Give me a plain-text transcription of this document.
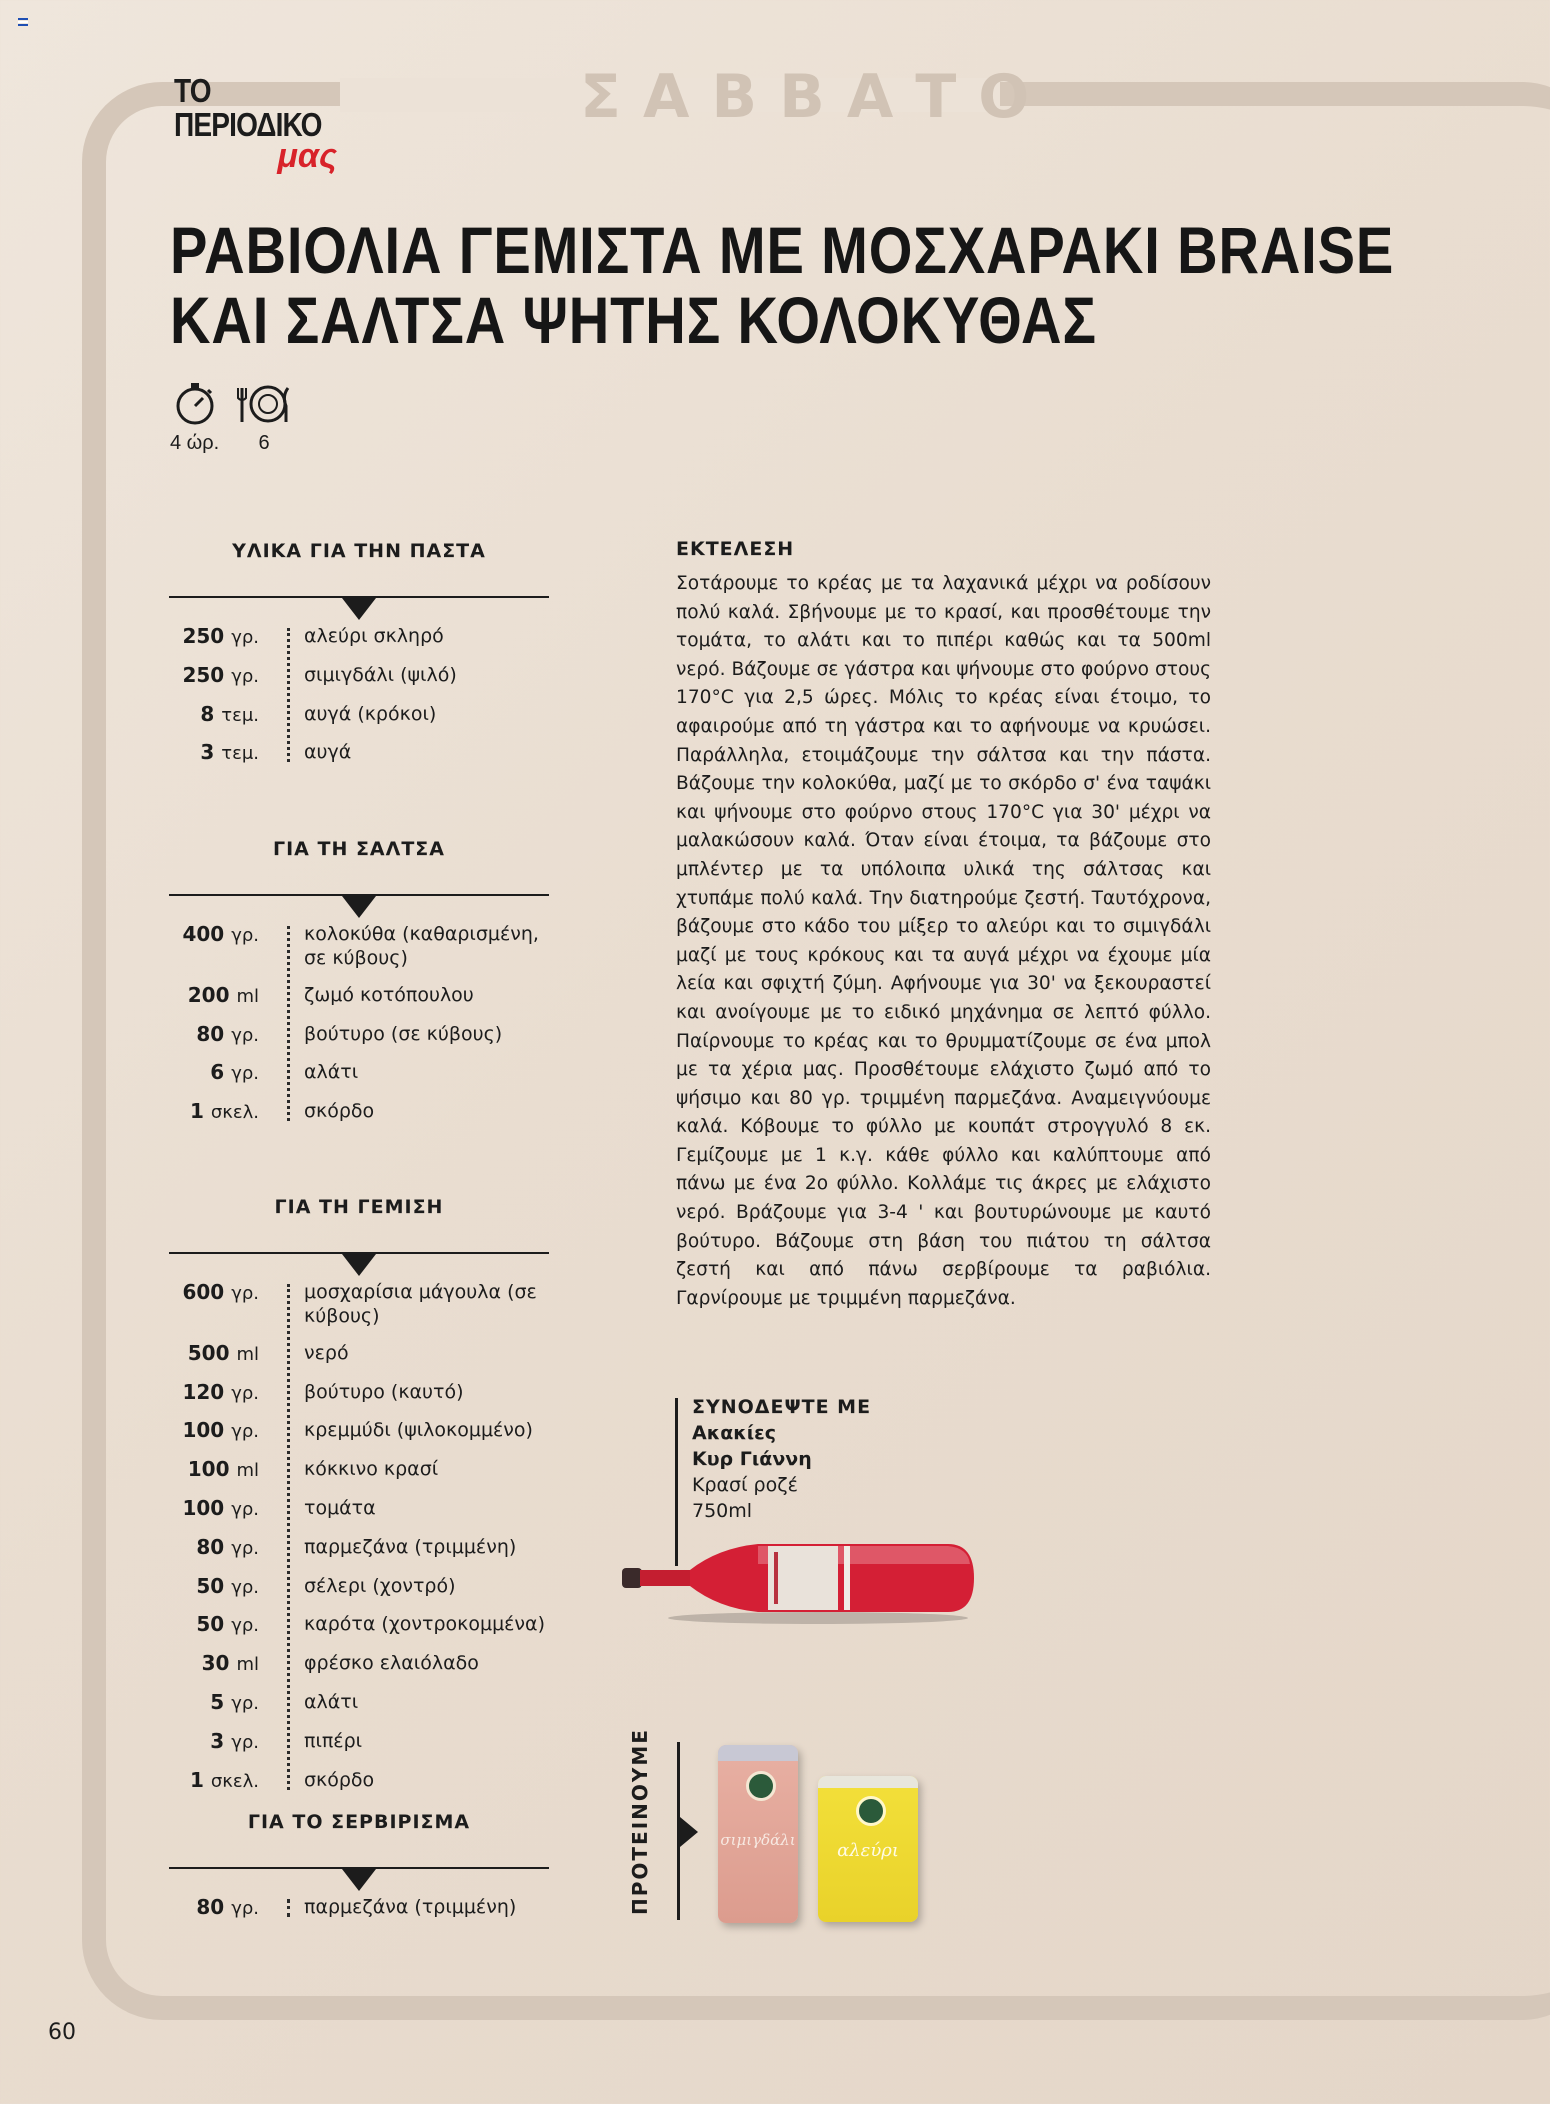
ΤΟ ΠΕΡΙΟΔΙΚΟ
μας
ΣΑΒΒΑΤΟ
ΡΑΒΙΟΛΙΑ ΓΕΜΙΣΤΑ ΜΕ ΜΟΣΧΑΡΑΚΙ BRAISE
ΚΑΙ ΣΑΛΤΣΑ ΨΗΤΗΣ ΚΟΛΟΚΥΘΑΣ
4 ώρ.	6
ΥΛΙΚΑ ΓΙΑ ΤΗΝ ΠΑΣΤΑ
250 γρ. αλεύρι σκληρό
250 γρ. σιμιγδάλι (ψιλό)
8 τεμ. αυγά (κρόκοι)
3 τεμ. αυγά
ΓΙΑ ΤΗ ΣΑΛΤΣΑ
400 γρ. κολοκύθα (καθαρισμένη, σε κύβους)
200 ml ζωμό κοτόπουλου
80 γρ. βούτυρο (σε κύβους)
6 γρ. αλάτι
1 σκελ. σκόρδο
ΓΙΑ ΤΗ ΓΕΜΙΣΗ
600 γρ. μοσχαρίσια μάγουλα (σε κύβους)
500 ml νερό
120 γρ. βούτυρο (καυτό)
100 γρ. κρεμμύδι (ψιλοκομμένο)
100 ml κόκκινο κρασί
100 γρ. τομάτα
80 γρ. παρμεζάνα (τριμμένη)
50 γρ. σέλερι (χοντρό)
50 γρ. καρότα (χοντροκομμένα)
30 ml φρέσκο ελαιόλαδο
5 γρ. αλάτι
3 γρ. πιπέρι
1 σκελ. σκόρδο
ΓΙΑ ΤΟ ΣΕΡΒΙΡΙΣΜΑ
80 γρ. παρμεζάνα (τριμμένη)
ΕΚΤΕΛΕΣΗ

Σοτάρουμε το κρέας με τα λαχανικά μέχρι να ροδίσουν πολύ καλά. Σβήνουμε με το κρασί, και προσθέτουμε την τομάτα, το αλάτι και το πιπέρι καθώς και τα 500ml νερό. Βάζουμε σε γάστρα και ψήνουμε στο φούρνο στους 170°C για 2,5 ώρες. Μόλις το κρέας είναι έτοιμο, το αφαιρούμε από τη γάστρα και το αφήνουμε να κρυώσει. Παράλληλα, ετοιμάζουμε την σάλτσα και την πάστα. Βάζουμε την κολοκύθα, μαζί με το σκόρδο σ' ένα ταψάκι και ψήνουμε στο φούρνο στους 170°C για 30' μέχρι να μαλακώσουν καλά. Όταν είναι έτοιμα, τα βάζουμε στο μπλέντερ με τα υπόλοιπα υλικά της σάλτσας και χτυπάμε πολύ καλά. Την διατηρούμε ζεστή. Ταυτόχρονα, βάζουμε στο κάδο του μίξερ το αλεύρι και το σιμιγδάλι μαζί με τους κρόκους και τα αυγά μέχρι να έχουμε μία λεία και σφιχτή ζύμη. Αφήνουμε για 30' να ξεκουραστεί και ανοίγουμε με το ειδικό μηχάνημα σε λεπτό φύλλο. Παίρνουμε το κρέας και το θρυμματίζουμε σε ένα μπολ με τα χέρια μας. Προσθέτουμε ελάχιστο ζωμό από το ψήσιμο και 80 γρ. τριμμένη παρμεζάνα. Αναμειγνύουμε καλά. Κόβουμε το φύλλο με κουπάτ στρογγυλό 8 εκ. Γεμίζουμε με 1 κ.γ. κάθε φύλλο και καλύπτουμε από πάνω με ένα 2ο φύλλο. Κολλάμε τις άκρες με ελάχιστο νερό. Βράζουμε για 3-4 ' και βουτυρώνουμε με καυτό βούτυρο. Βάζουμε στη βάση του πιάτου τη σάλτσα ζεστή και από πάνω σερβίρουμε τα ραβιόλια. Γαρνίρουμε με τριμμένη παρμεζάνα.

ΣΥΝΟΔΕΨΤΕ ΜΕ
Ακακίες
Κυρ Γιάννη
Κρασί ροζέ
750ml
ΠΡΟΤΕΙΝΟΥΜΕ	σιμιγδάλι	αλεύρι
60
